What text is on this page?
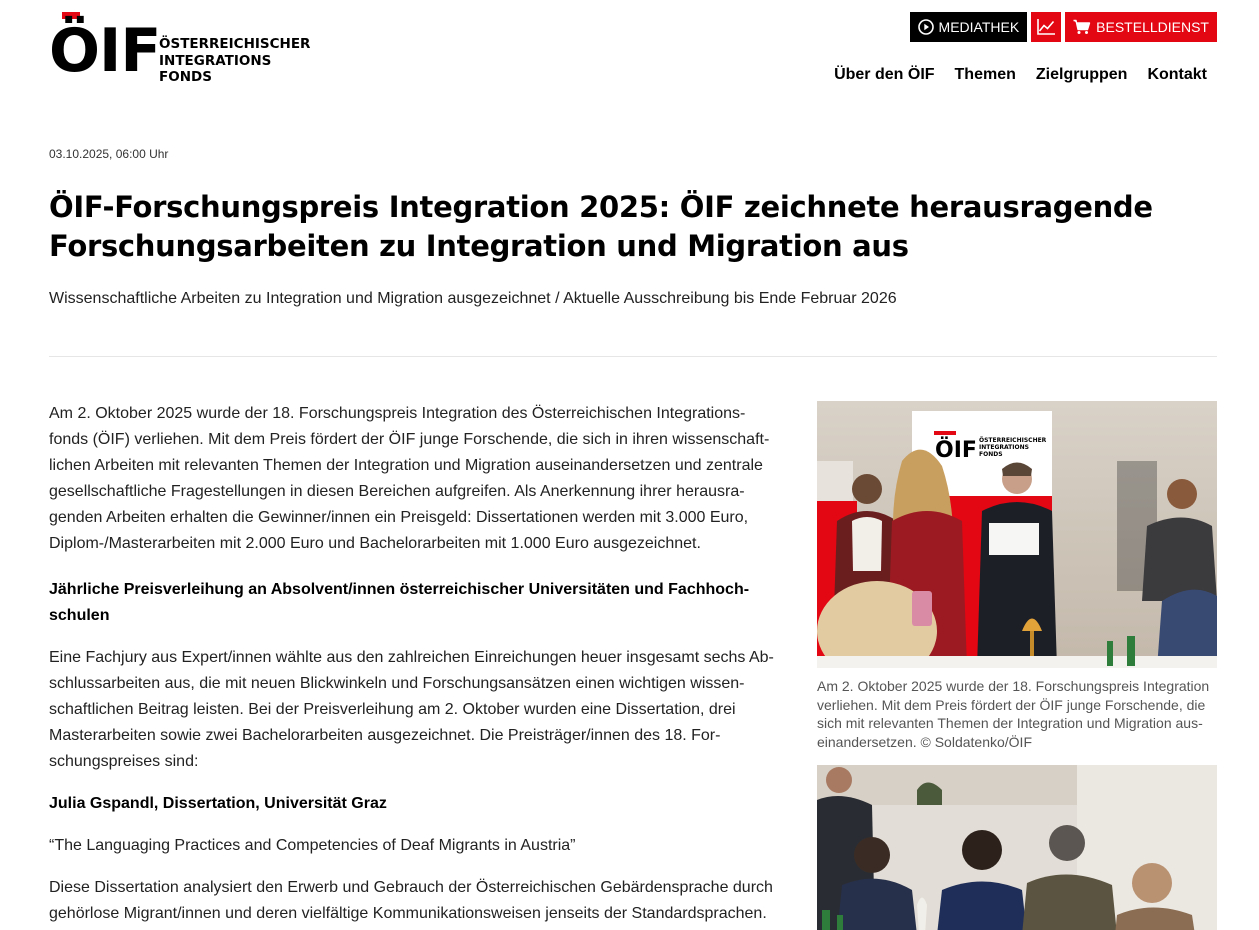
ÖIF
ÖSTERREICHISCHER
INTEGRATIONS
FONDS
MEDIATHEK	BESTELLDIENST
Über den ÖIF Themen Zielgruppen Kontakt
03.10.2025, 06:00 Uhr
ÖIF-Forschungspreis Integration 2025: ÖIF zeichnete herausragende Forschungsarbeiten zu Integration und Migration aus
Wissenschaftliche Arbeiten zu Integration und Migration ausgezeichnet / Aktuelle Ausschreibung bis Ende Februar 2026

Am 2. Oktober 2025 wurde der 18. Forschungspreis Integration des Österreichischen Integrationsfonds (ÖIF) verliehen. Mit dem Preis fördert der ÖIF junge Forschende, die sich in ihren wissenschaftlichen Arbeiten mit relevanten Themen der Integration und Migration auseinandersetzen und zentrale gesellschaftliche Fragestellungen in diesen Bereichen aufgreifen. Als Anerkennung ihrer herausragenden Arbeiten erhalten die Gewinner/innen ein Preisgeld: Dissertationen werden mit 3.000 Euro, Diplom-/Masterarbeiten mit 2.000 Euro und Bachelorarbeiten mit 1.000 Euro ausgezeichnet.

Jährliche Preisverleihung an Absolvent/innen österreichischer Universitäten und Fachhochschulen

Eine Fachjury aus Expert/innen wählte aus den zahlreichen Einreichungen heuer insgesamt sechs Abschlussarbeiten aus, die mit neuen Blickwinkeln und Forschungsansätzen einen wichtigen wissenschaftlichen Beitrag leisten. Bei der Preisverleihung am 2. Oktober wurden eine Dissertation, drei Masterarbeiten sowie zwei Bachelorarbeiten ausgezeichnet. Die Preisträger/innen des 18. Forschungspreises sind:

Julia Gspandl, Dissertation, Universität Graz

“The Languaging Practices and Competencies of Deaf Migrants in Austria”

Diese Dissertation analysiert den Erwerb und Gebrauch der Österreichischen Gebärdensprache durch gehörlose Migrant/innen und deren vielfältige Kommunikationsweisen jenseits der Standardsprachen.

ÖIF ÖSTERREICHISCHER
INTEGRATIONS
FONDS
Am 2. Oktober 2025 wurde der 18. Forschungspreis Integration verliehen. Mit dem Preis fördert der ÖIF junge Forschende, die sich mit relevanten Themen der Integration und Migration auseinandersetzen. © Soldatenko/ÖIF
